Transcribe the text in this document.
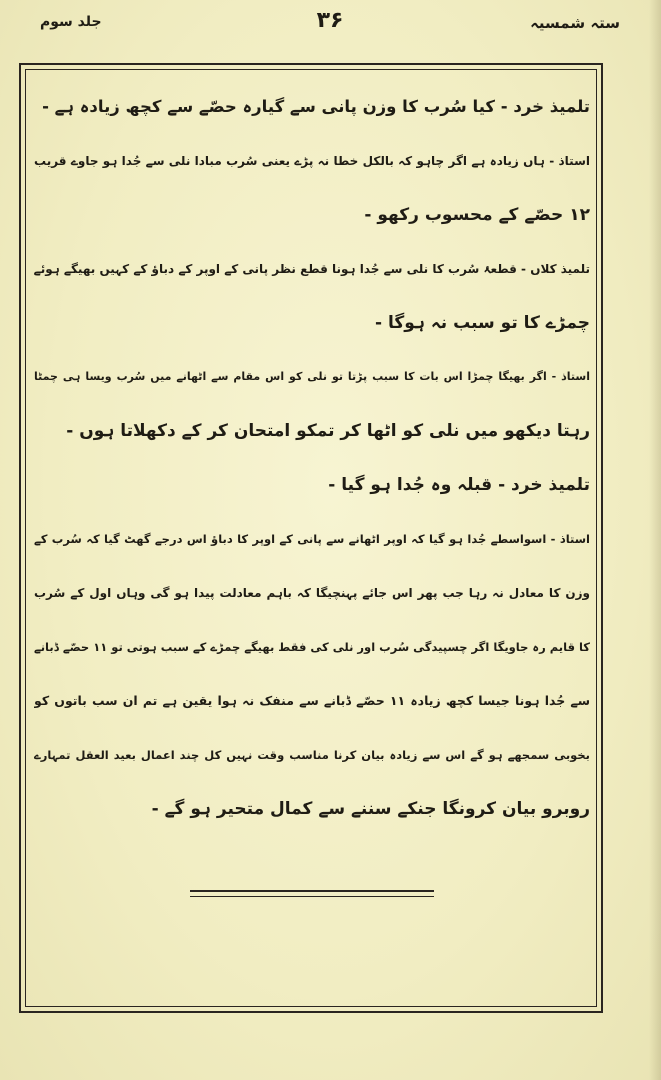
ستہ شمسیہ
۳۶
جلد سوم
تلمیذ خرد - کیا سُرب کا وزن پانی سے گیارہ حصّے سے کچھ زیادہ ہے -
استاذ - ہاں زیادہ ہے اگر چاہو کہ بالکل خطا نہ پڑے یعنی سُرب مبادا نلی سے جُدا ہو جاوے قریب
۱۲ حصّے کے محسوب رکھو -
تلمیذ کلاں - قطعۂ سُرب کا نلی سے جُدا ہونا قطع نظر پانی کے اوپر کے دباؤ کے کہیں بھیگے ہوئے
چمڑے کا تو سبب نہ ہوگا -
استاذ - اگر بھیگا چمڑا اس بات کا سبب پڑتا تو نلی کو اس مقام سے اٹھانے میں سُرب ویسا ہی چمٹا
رہتا دیکھو میں نلی کو اٹھا کر تمکو امتحان کر کے دکھلاتا ہوں -
تلمیذ خرد - قبلہ وہ جُدا ہو گیا -
استاذ - اسواسطے جُدا ہو گیا کہ اوپر اٹھانے سے پانی کے اوپر کا دباؤ اس درجے گھٹ گیا کہ سُرب کے
وزن کا معادل نہ رہا جب پھر اس جائے پہنچیگا کہ باہم معادلت پیدا ہو گی وہاں اول کے سُرب
کا قایم رہ جاویگا اگر چسپیدگی سُرب اور نلی کی فقط بھیگے چمڑے کے سبب ہوتی تو ۱۱ حصّے ڈبانے
سے جُدا ہونا جیسا کچھ زیادہ ۱۱ حصّے ڈبانے سے منفک نہ ہوا یقین ہے تم ان سب باتوں کو
بخوبی سمجھے ہو گے اس سے زیادہ بیان کرنا مناسب وقت نہیں کل چند اعمال بعید العقل تمہارے
روبرو بیان کرونگا جنکے سننے سے کمال متحیر ہو گے -
